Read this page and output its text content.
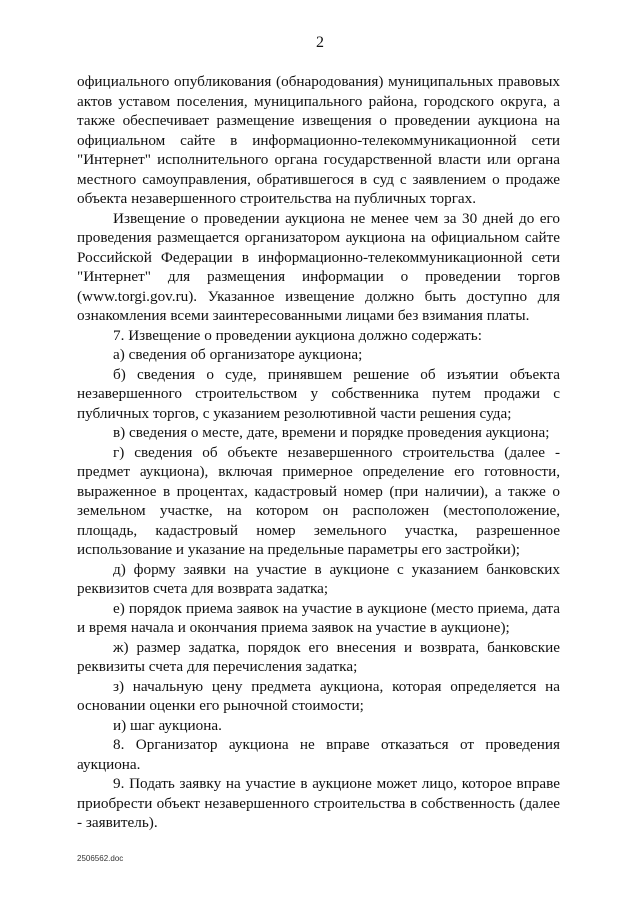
2

официального опубликования (обнародования) муниципальных правовых актов уставом поселения, муниципального района, городского округа, а также обеспечивает размещение извещения о проведении аукциона на официальном сайте в информационно-телекоммуникационной сети "Интернет" исполнительного органа государственной власти или органа местного самоуправления, обратившегося в суд с заявлением о продаже объекта незавершенного строительства на публичных торгах.

Извещение о проведении аукциона не менее чем за 30 дней до его проведения размещается организатором аукциона на официальном сайте Российской Федерации в информационно-телекоммуникационной сети "Интернет" для размещения информации о проведении торгов (www.torgi.gov.ru). Указанное извещение должно быть доступно для ознакомления всеми заинтересованными лицами без взимания платы.

7. Извещение о проведении аукциона должно содержать:

а) сведения об организаторе аукциона;

б) сведения о суде, принявшем решение об изъятии объекта незавершенного строительством у собственника путем продажи с публичных торгов, с указанием резолютивной части решения суда;

в) сведения о месте, дате, времени и порядке проведения аукциона;

г) сведения об объекте незавершенного строительства (далее - предмет аукциона), включая примерное определение его готовности, выраженное в процентах, кадастровый номер (при наличии), а также о земельном участке, на котором он расположен (местоположение, площадь, кадастровый номер земельного участка, разрешенное использование и указание на предельные параметры его застройки);

д) форму заявки на участие в аукционе с указанием банковских реквизитов счета для возврата задатка;

е) порядок приема заявок на участие в аукционе (место приема, дата и время начала и окончания приема заявок на участие в аукционе);

ж) размер задатка, порядок его внесения и возврата, банковские реквизиты счета для перечисления задатка;

з) начальную цену предмета аукциона, которая определяется на основании оценки его рыночной стоимости;

и) шаг аукциона.

8. Организатор аукциона не вправе отказаться от проведения аукциона.

9. Подать заявку на участие в аукционе может лицо, которое вправе приобрести объект незавершенного строительства в собственность (далее - заявитель).

2506562.doc
